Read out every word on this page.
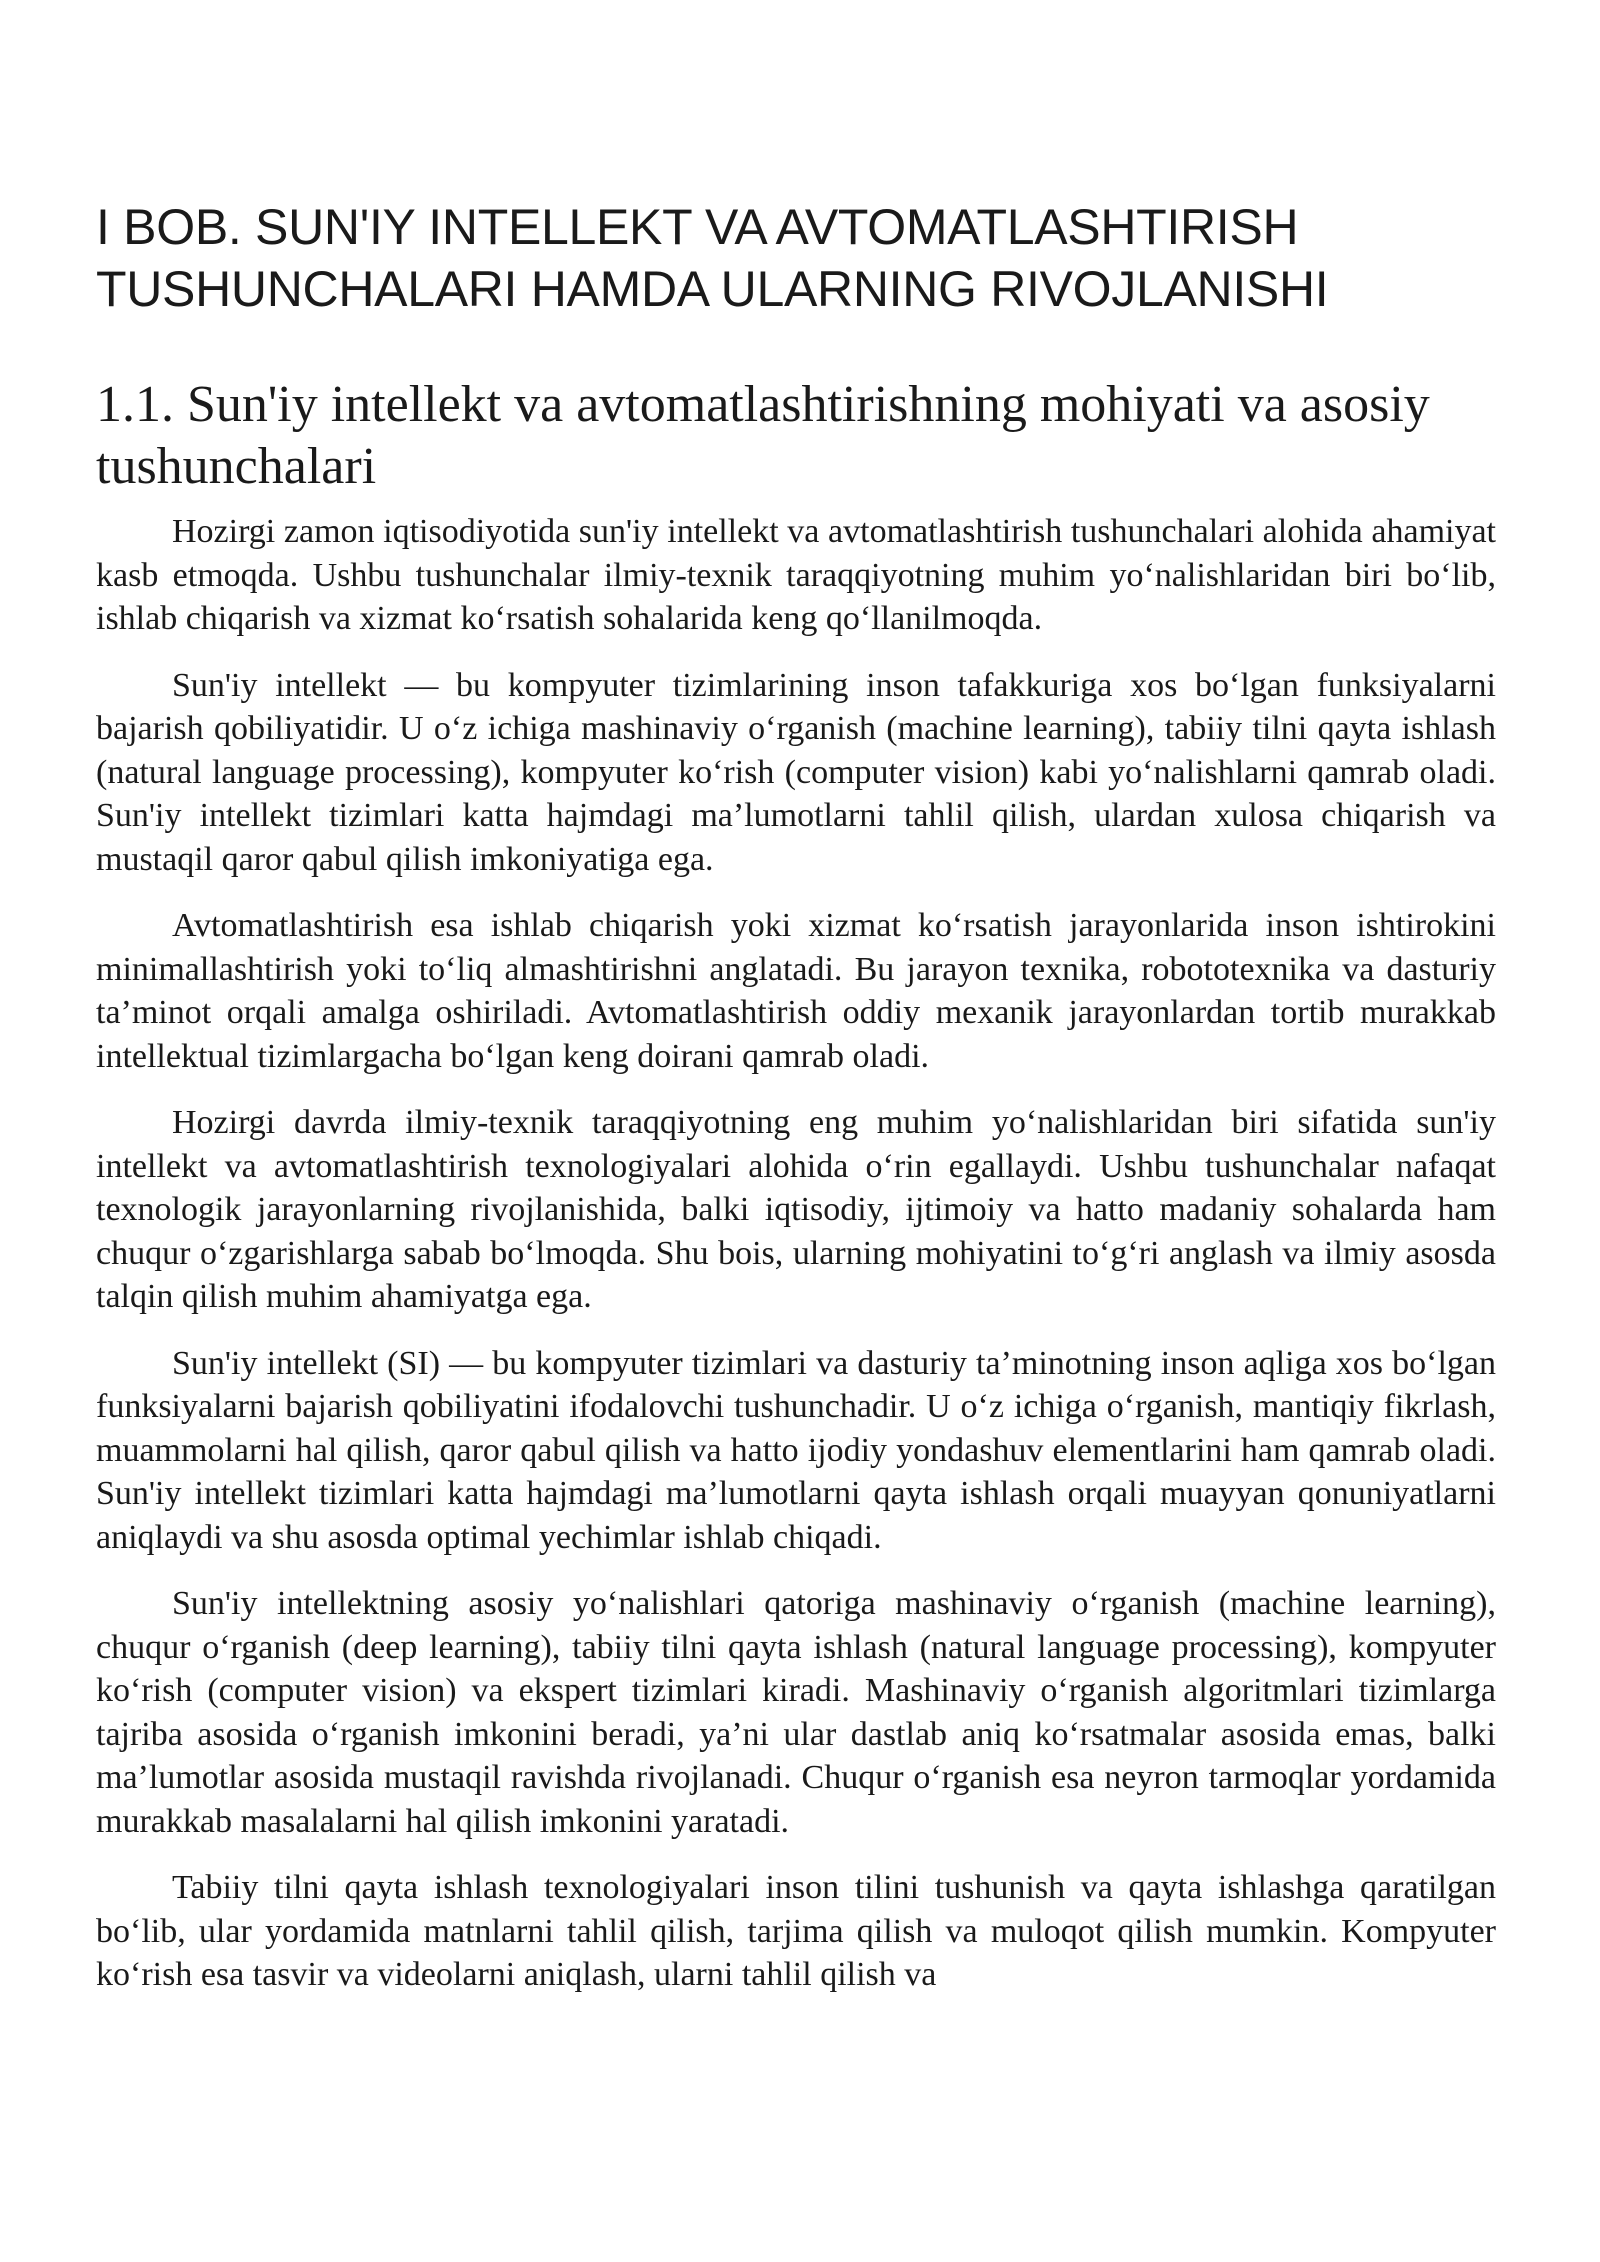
I BOB. SUN'IY INTELLEKT VA AVTOMATLASHTIRISH TUSHUNCHALARI HAMDA ULARNING RIVOJLANISHI
1.1. Sun'iy intellekt va avtomatlashtirishning mohiyati va asosiy tushunchalari

Hozirgi zamon iqtisodiyotida sun'iy intellekt va avtomatlashtirish tushunchalari alohida ahamiyat kasb etmoqda. Ushbu tushunchalar ilmiy-texnik taraqqiyotning muhim yo‘nalishlaridan biri bo‘lib, ishlab chiqarish va xizmat ko‘rsatish sohalarida keng qo‘llanilmoqda.

Sun'iy intellekt — bu kompyuter tizimlarining inson tafakkuriga xos bo‘lgan funksiyalarni bajarish qobiliyatidir. U o‘z ichiga mashinaviy o‘rganish (machine learning), tabiiy tilni qayta ishlash (natural language processing), kompyuter ko‘rish (computer vision) kabi yo‘nalishlarni qamrab oladi. Sun'iy intellekt tizimlari katta hajmdagi ma’lumotlarni tahlil qilish, ulardan xulosa chiqarish va mustaqil qaror qabul qilish imkoniyatiga ega.

Avtomatlashtirish esa ishlab chiqarish yoki xizmat ko‘rsatish jarayonlarida inson ishtirokini minimallashtirish yoki to‘liq almashtirishni anglatadi. Bu jarayon texnika, robototexnika va dasturiy ta’minot orqali amalga oshiriladi. Avtomatlashtirish oddiy mexanik jarayonlardan tortib murakkab intellektual tizimlargacha bo‘lgan keng doirani qamrab oladi.

Hozirgi davrda ilmiy-texnik taraqqiyotning eng muhim yo‘nalishlaridan biri sifatida sun'iy intellekt va avtomatlashtirish texnologiyalari alohida o‘rin egallaydi. Ushbu tushunchalar nafaqat texnologik jarayonlarning rivojlanishida, balki iqtisodiy, ijtimoiy va hatto madaniy sohalarda ham chuqur o‘zgarishlarga sabab bo‘lmoqda. Shu bois, ularning mohiyatini to‘g‘ri anglash va ilmiy asosda talqin qilish muhim ahamiyatga ega.

Sun'iy intellekt (SI) — bu kompyuter tizimlari va dasturiy ta’minotning inson aqliga xos bo‘lgan funksiyalarni bajarish qobiliyatini ifodalovchi tushunchadir. U o‘z ichiga o‘rganish, mantiqiy fikrlash, muammolarni hal qilish, qaror qabul qilish va hatto ijodiy yondashuv elementlarini ham qamrab oladi. Sun'iy intellekt tizimlari katta hajmdagi ma’lumotlarni qayta ishlash orqali muayyan qonuniyatlarni aniqlaydi va shu asosda optimal yechimlar ishlab chiqadi.

Sun'iy intellektning asosiy yo‘nalishlari qatoriga mashinaviy o‘rganish (machine learning), chuqur o‘rganish (deep learning), tabiiy tilni qayta ishlash (natural language processing), kompyuter ko‘rish (computer vision) va ekspert tizimlari kiradi. Mashinaviy o‘rganish algoritmlari tizimlarga tajriba asosida o‘rganish imkonini beradi, ya’ni ular dastlab aniq ko‘rsatmalar asosida emas, balki ma’lumotlar asosida mustaqil ravishda rivojlanadi. Chuqur o‘rganish esa neyron tarmoqlar yordamida murakkab masalalarni hal qilish imkonini yaratadi.

Tabiiy tilni qayta ishlash texnologiyalari inson tilini tushunish va qayta ishlashga qaratilgan bo‘lib, ular yordamida matnlarni tahlil qilish, tarjima qilish va muloqot qilish mumkin. Kompyuter ko‘rish esa tasvir va videolarni aniqlash, ularni tahlil qilish va
